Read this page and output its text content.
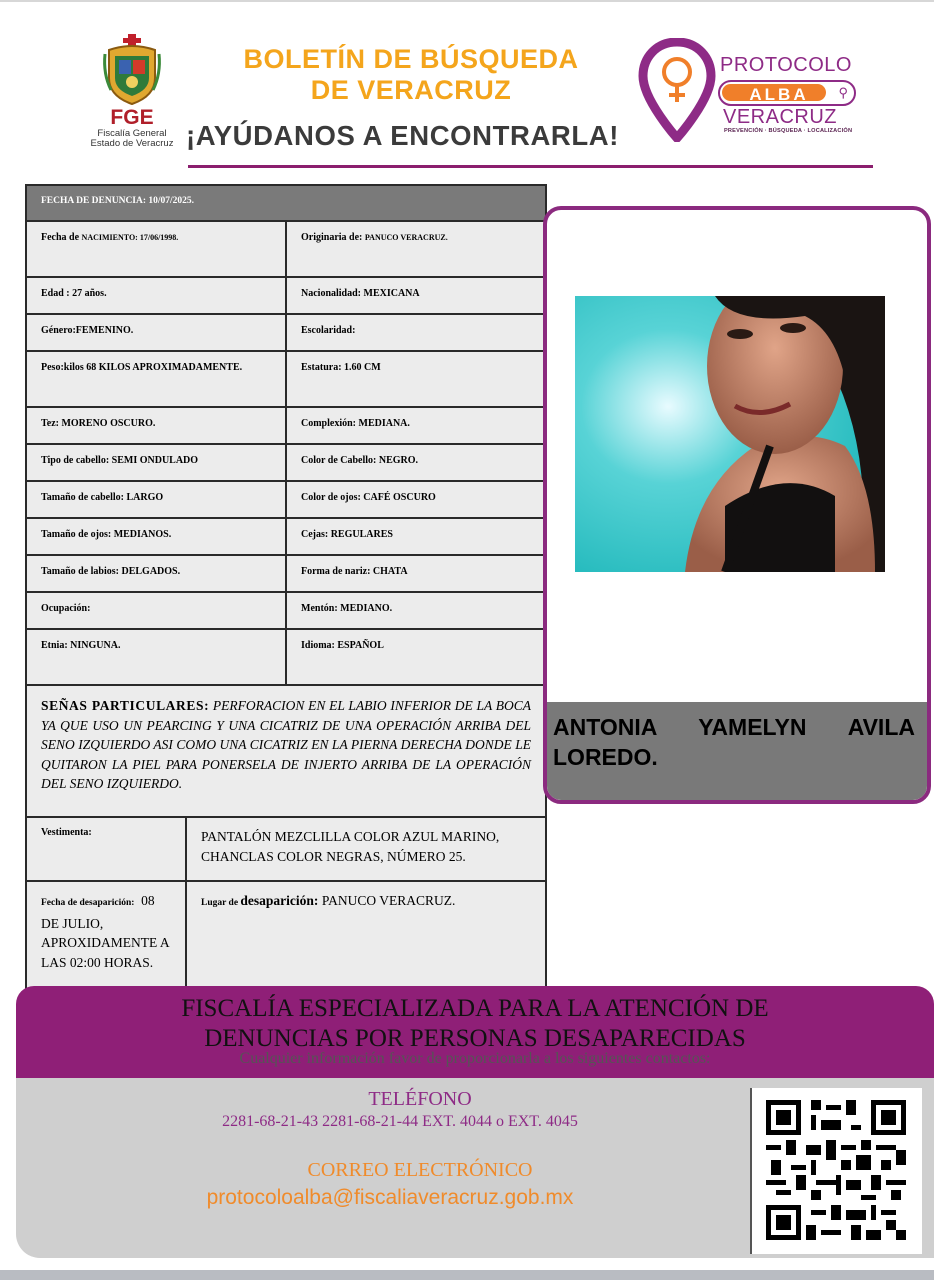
FGE
Fiscalía General
Estado de Veracruz
BOLETÍN DE BÚSQUEDA
DE VERACRUZ
¡AYÚDANOS A ENCONTRARLA!
PROTOCOLO
ALBA	⚲
VERACRUZ
PREVENCIÓN · BÚSQUEDA · LOCALIZACIÓN
FECHA DE DENUNCIA: 10/07/2025.
Fecha de NACIMIENTO: 17/06/1998.	Originaria de: PANUCO VERACRUZ.
Edad : 27 años.	Nacionalidad: MEXICANA
Género:FEMENINO.	Escolaridad:
Peso:kilos 68 KILOS APROXIMADAMENTE.	Estatura: 1.60 CM
Tez: MORENO OSCURO.	Complexión: MEDIANA.
Tipo de cabello: SEMI ONDULADO	Color de Cabello: NEGRO.
Tamaño de cabello: LARGO	Color de ojos: CAFÉ OSCURO
Tamaño de ojos: MEDIANOS.	Cejas: REGULARES
Tamaño de labios: DELGADOS.	Forma de nariz: CHATA
Ocupación:	Mentón: MEDIANO.
Etnia: NINGUNA.	Idioma: ESPAÑOL
SEÑAS PARTICULARES: PERFORACION EN EL LABIO INFERIOR DE LA BOCA YA QUE USO UN PEARCING Y UNA CICATRIZ DE UNA OPERACIÓN ARRIBA DEL SENO IZQUIERDO ASI COMO UNA CICATRIZ EN LA PIERNA DERECHA DONDE LE QUITARON LA PIEL PARA PONERSELA DE INJERTO ARRIBA DE LA OPERACIÓN DEL SENO IZQUIERDO.
Vestimenta:	PANTALÓN MEZCLILLA COLOR AZUL MARINO, CHANCLAS COLOR NEGRAS, NÚMERO 25.
Fecha de desaparición: 08 DE JULIO, APROXIDAMENTE A LAS 02:00 HORAS.
Lugar de desaparición: PANUCO VERACRUZ.
ANTONIA YAMELYN AVILA LOREDO.
FISCALÍA ESPECIALIZADA PARA LA ATENCIÓN DE
DENUNCIAS POR PERSONAS DESAPARECIDAS
Cualquier información favor de proporcionarla a los siguientes contactos:
TELÉFONO
2281-68-21-43 2281-68-21-44 EXT. 4044 o EXT. 4045
CORREO ELECTRÓNICO
protocoloalba@fiscaliaveracruz.gob.mx
